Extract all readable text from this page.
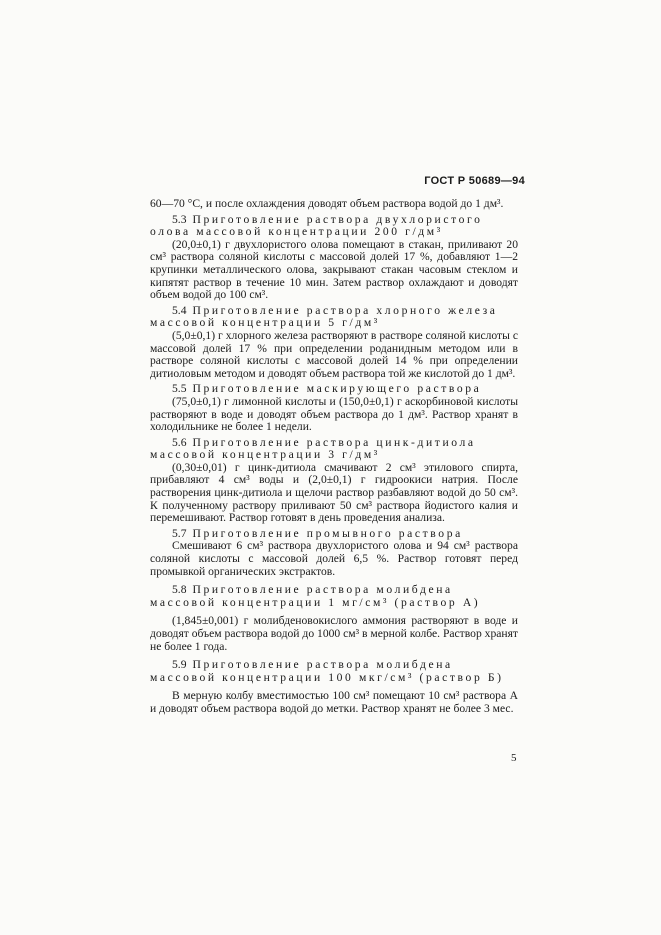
ГОСТ Р 50689—94

60—70 °С, и после охлаждения доводят объем раствора водой до 1 дм³.

5.3 Приготовление раствора двухлористого олова массовой концентрации 200 г/дм³

(20,0±0,1) г двухлористого олова помещают в стакан, приливают 20 см³ раствора соляной кислоты с массовой долей 17 %, добавляют 1—2 крупинки металлического олова, закрывают стакан часовым стеклом и кипятят раствор в течение 10 мин. Затем раствор охлаждают и доводят объем водой до 100 см³.

5.4 Приготовление раствора хлорного железа массовой концентрации 5 г/дм³

(5,0±0,1) г хлорного железа растворяют в растворе соляной кислоты с массовой долей 17 % при определении роданидным методом или в растворе соляной кислоты с массовой долей 14 % при определении дитиоловым методом и доводят объем раствора той же кислотой до 1 дм³.

5.5 Приготовление маскирующего раствора

(75,0±0,1) г лимонной кислоты и (150,0±0,1) г аскорбиновой кислоты растворяют в воде и доводят объем раствора до 1 дм³. Раствор хранят в холодильнике не более 1 недели.

5.6 Приготовление раствора цинк-дитиола массовой концентрации 3 г/дм³

(0,30±0,01) г цинк-дитиола смачивают 2 см³ этилового спирта, прибавляют 4 см³ воды и (2,0±0,1) г гидроокиси натрия. После растворения цинк-дитиола и щелочи раствор разбавляют водой до 50 см³. К полученному раствору приливают 50 см³ раствора йодистого калия и перемешивают. Раствор готовят в день проведения анализа.

5.7 Приготовление промывного раствора

Смешивают 6 см³ раствора двухлористого олова и 94 см³ раствора соляной кислоты с массовой долей 6,5 %. Раствор готовят перед промывкой органических экстрактов.

5.8 Приготовление раствора молибдена массовой концентрации 1 мг/см³ (раствор А)

(1,845±0,001) г молибденовокислого аммония растворяют в воде и доводят объем раствора водой до 1000 см³ в мерной колбе. Раствор хранят не более 1 года.

5.9 Приготовление раствора молибдена массовой концентрации 100 мкг/см³ (раствор Б)

В мерную колбу вместимостью 100 см³ помещают 10 см³ раствора А и доводят объем раствора водой до метки. Раствор хранят не более 3 мес.

5
